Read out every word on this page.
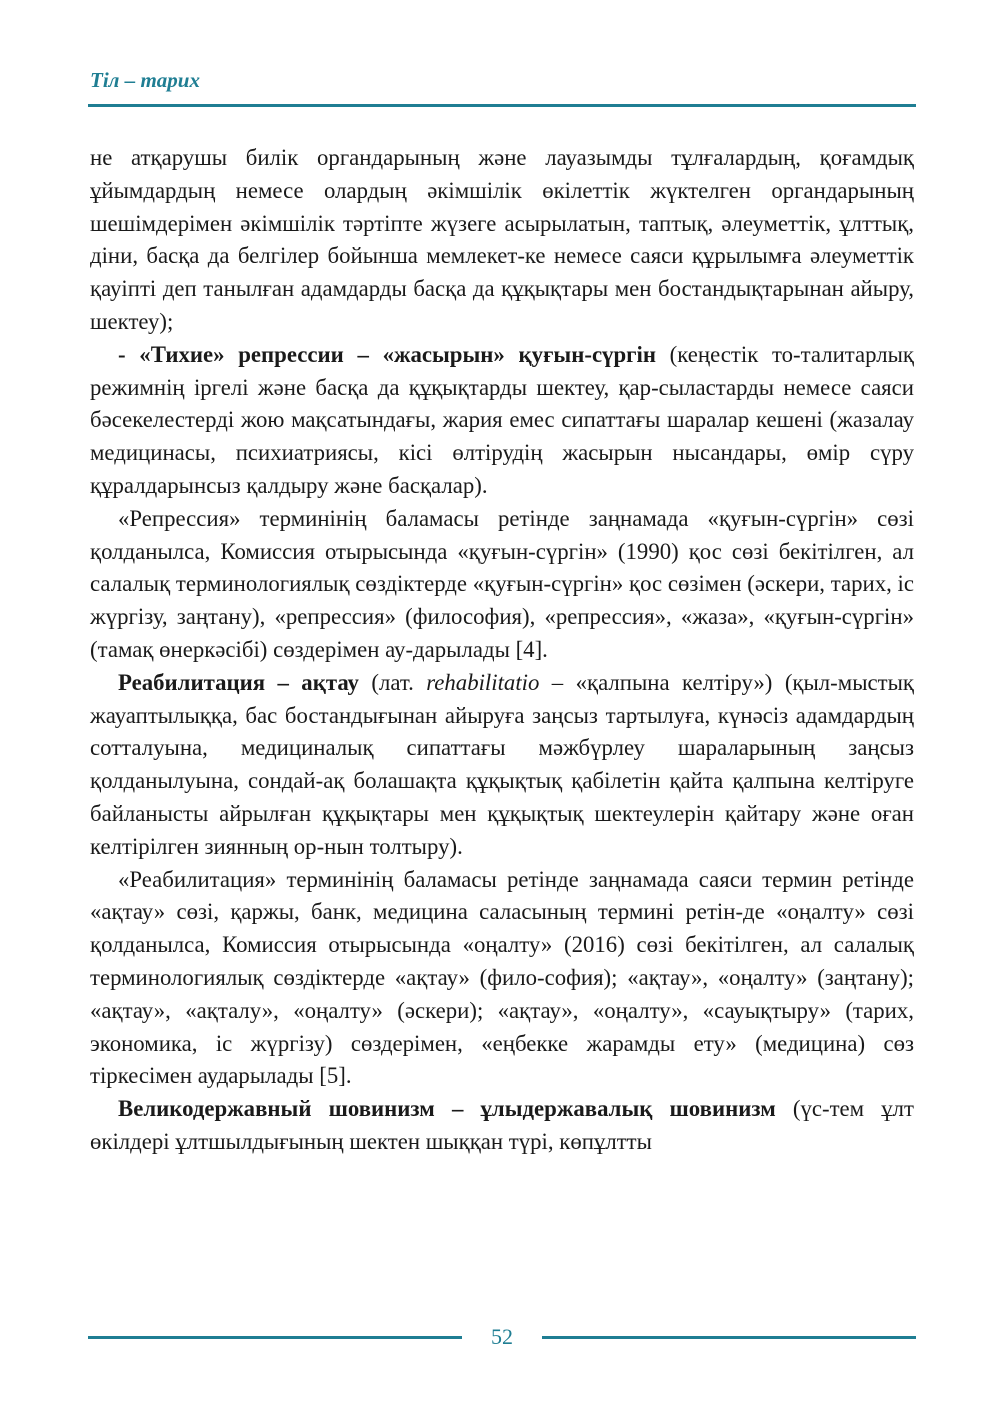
Тіл – тарих

не атқарушы билік органдарының және лауазымды тұлғалардың, қоғамдық ұйымдардың немесе олардың әкімшілік өкілеттік жүктелген органдарының шешімдерімен әкімшілік тәртіпте жүзеге асырылатын, таптық, әлеуметтік, ұлттық, діни, басқа да белгілер бойынша мемлекет-ке немесе саяси құрылымға әлеуметтік қауіпті деп танылған адамдарды басқа да құқықтары мен бостандықтарынан айыру, шектеу);

- «Тихие» репрессии – «жасырын» қуғын-сүргін (кеңестік то-талитарлық режимнің іргелі және басқа да құқықтарды шектеу, қар-сыластарды немесе саяси бәсекелестерді жою мақсатындағы, жария емес сипаттағы шаралар кешені (жазалау медицинасы, психиатриясы, кісі өлтірудің жасырын нысандары, өмір сүру құралдарынсыз қалдыру және басқалар).

«Репрессия» терминінің баламасы ретінде заңнамада «қуғын-сүргін» сөзі қолданылса, Комиссия отырысында «қуғын-сүргін» (1990) қос сөзі бекітілген, ал салалық терминологиялық сөздіктерде «қуғын-сүргін» қос сөзімен (әскери, тарих, іс жүргізу, заңтану), «репрессия» (философия), «репрессия», «жаза», «қуғын-сүргін» (тамақ өнеркәсібі) сөздерімен ау-дарылады [4].

Реабилитация – ақтау (лат. rehabilitatio – «қалпына келтіру») (қыл-мыстық жауаптылыққа, бас бостандығынан айыруға заңсыз тартылуға, күнәсіз адамдардың сотталуына, медициналық сипаттағы мәжбүрлеу шараларының заңсыз қолданылуына, сондай-ақ болашақта құқықтық қабілетін қайта қалпына келтіруге байланысты айрылған құқықтары мен құқықтық шектеулерін қайтару және оған келтірілген зиянның ор-нын толтыру).

«Реабилитация» терминінің баламасы ретінде заңнамада саяси термин ретінде «ақтау» сөзі, қаржы, банк, медицина саласының термині ретін-де «оңалту» сөзі қолданылса, Комиссия отырысында «оңалту» (2016) сөзі бекітілген, ал салалық терминологиялық сөздіктерде «ақтау» (фило-софия); «ақтау», «оңалту» (заңтану); «ақтау», «ақталу», «оңалту» (әскери); «ақтау», «оңалту», «сауықтыру» (тарих, экономика, іс жүргізу) сөздерімен, «еңбекке жарамды ету» (медицина) сөз тіркесімен аударылады [5].

Великодержавный шовинизм – ұлыдержавалық шовинизм (үс-тем ұлт өкілдері ұлтшылдығының шектен шыққан түрі, көпұлтты

52
